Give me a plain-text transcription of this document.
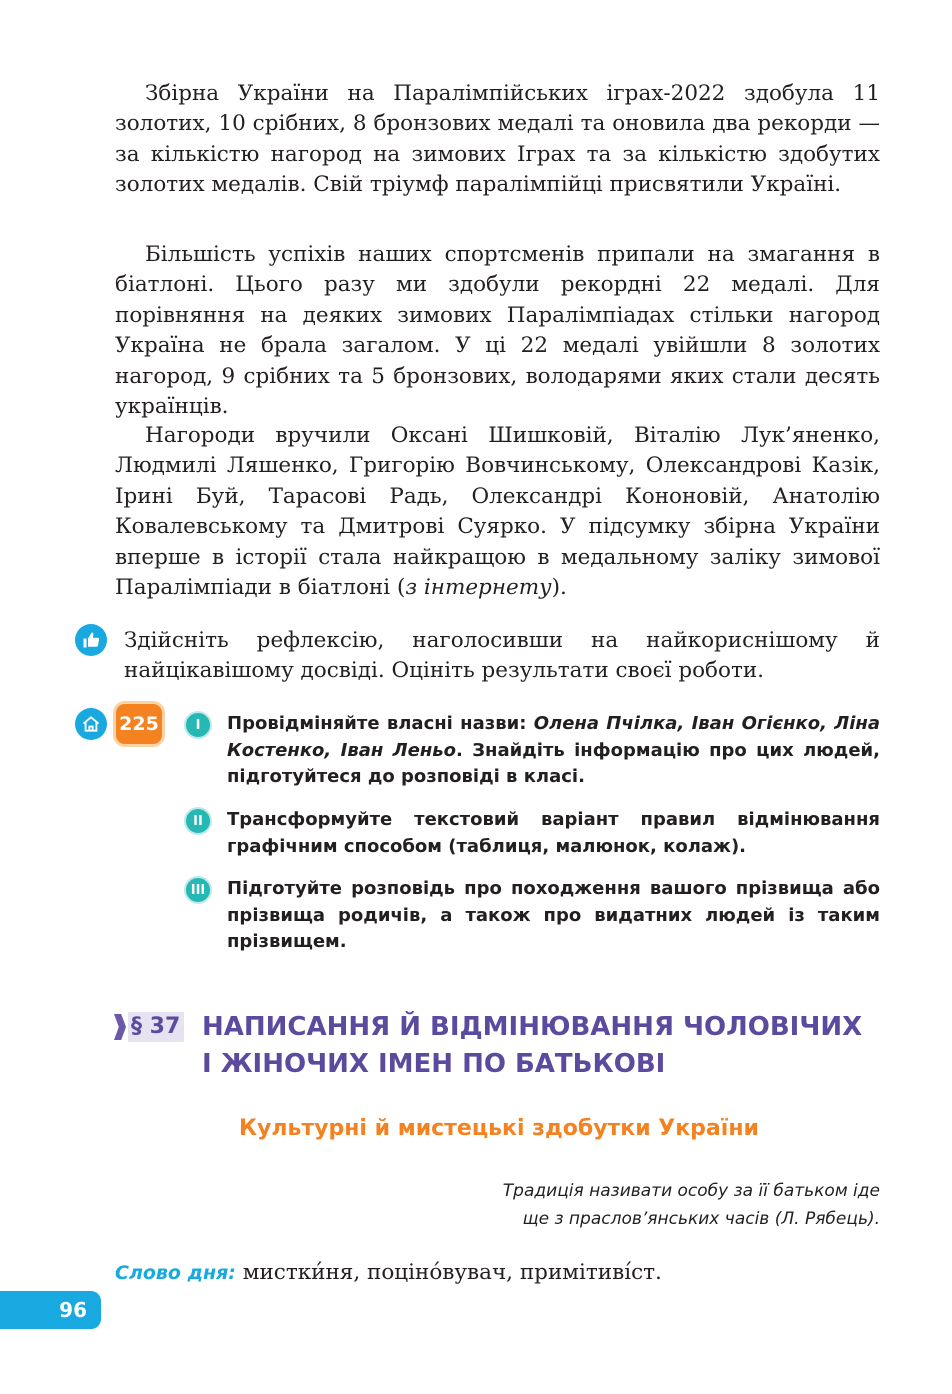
Збірна України на Паралімпійських іграх-2022 здобула 11 золотих, 10 срібних, 8 бронзових медалі та оновила два рекорди — за кількістю нагород на зимових Іграх та за кількістю здобутих золотих медалів. Свій тріумф паралімпійці присвятили Україні.

Більшість успіхів наших спортсменів припали на змагання в біатлоні. Цього разу ми здобули рекордні 22 медалі. Для порівняння на деяких зимових Паралімпіадах стільки нагород Україна не брала загалом. У ці 22 медалі увійшли 8 золотих нагород, 9 срібних та 5 бронзових, володарями яких стали десять українців.

Нагороди вручили Оксані Шишковій, Віталію Лук’яненко, Людмилі Ляшенко, Григорію Вовчинському, Олександрові Казік, Ірині Буй, Тарасові Радь, Олександрі Кононовій, Анатолію Ковалевському та Дмитрові Суярко. У підсумку збірна України вперше в історії стала найкращою в медальному заліку зимової Паралімпіади в біатлоні (з інтернету).

Здійсніть рефлексію, наголосивши на найкориснішому й найцікавішому досвіді. Оцініть результати своєї роботи.
225	I	Провідміняйте власні назви: Олена Пчілка, Іван Огієнко, Ліна Костенко, Іван Леньо. Знайдіть інформацію про цих людей, підготуйтеся до розповіді в класі.
II	Трансформуйте текстовий варіант правил відмінювання графічним способом (таблиця, малюнок, колаж).
III	Підготуйте розповідь про походження вашого прізвища або прізвища родичів, а також про видатних людей із таким прізвищем.
§ 37 НАПИСАННЯ Й ВІДМІНЮВАННЯ ЧОЛОВІЧИХ
І ЖІНОЧИХ ІМЕН ПО БАТЬКОВІ
Культурні й мистецькі здобутки України
Традиція називати особу за її батьком іде
ще з праслов’янських часів (Л. Рябець).
Слово дня: мистки́ня, поціно́вувач, примітиві́ст.
96
